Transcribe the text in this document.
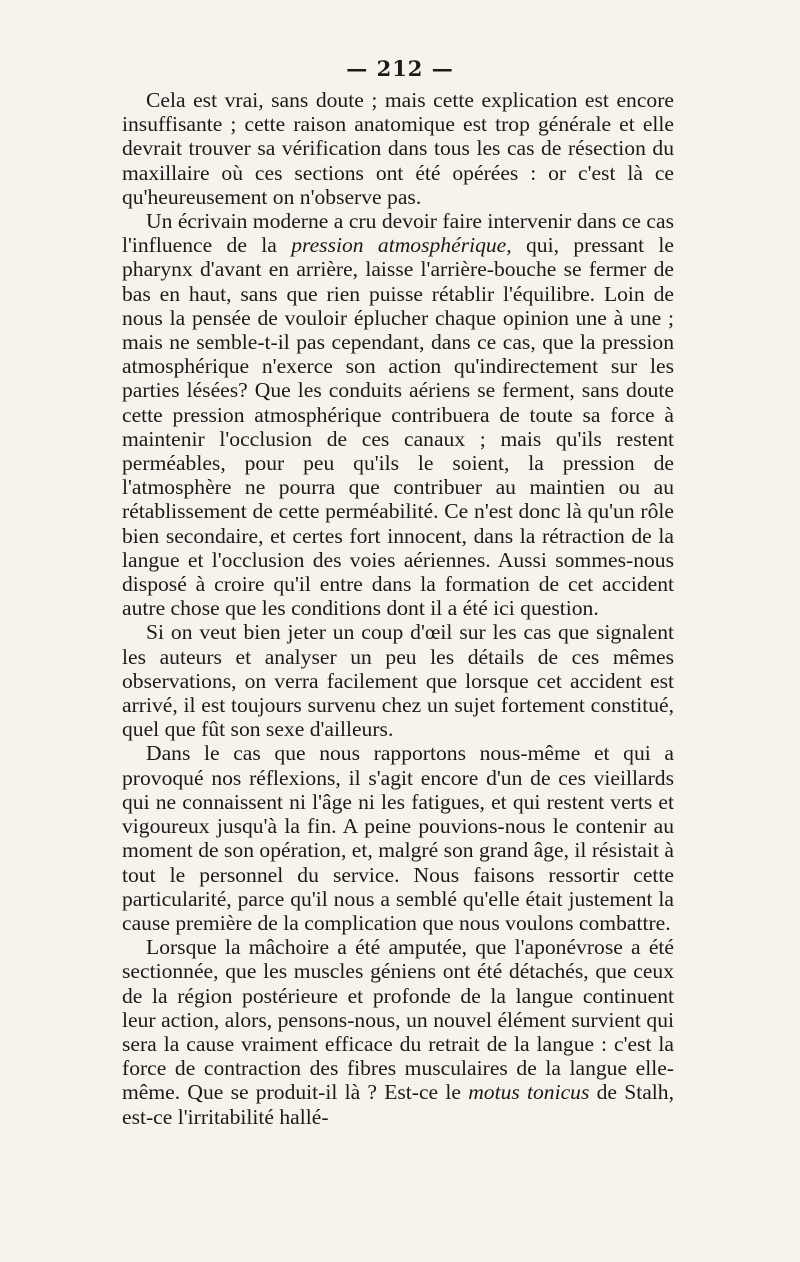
— 212 —

Cela est vrai, sans doute ; mais cette explication est encore insuffisante ; cette raison anatomique est trop générale et elle devrait trouver sa vérification dans tous les cas de résection du maxillaire où ces sections ont été opérées : or c'est là ce qu'heureusement on n'observe pas.

Un écrivain moderne a cru devoir faire intervenir dans ce cas l'influence de la pression atmosphérique, qui, pressant le pharynx d'avant en arrière, laisse l'arrière-bouche se fermer de bas en haut, sans que rien puisse rétablir l'équilibre. Loin de nous la pensée de vouloir éplucher chaque opinion une à une ; mais ne semble-t-il pas cependant, dans ce cas, que la pression atmosphérique n'exerce son action qu'indirectement sur les parties lésées? Que les conduits aériens se ferment, sans doute cette pression atmosphérique contribuera de toute sa force à maintenir l'occlusion de ces canaux ; mais qu'ils restent perméables, pour peu qu'ils le soient, la pression de l'atmosphère ne pourra que contribuer au maintien ou au rétablissement de cette perméabilité. Ce n'est donc là qu'un rôle bien secondaire, et certes fort innocent, dans la rétraction de la langue et l'occlusion des voies aériennes. Aussi sommes-nous disposé à croire qu'il entre dans la formation de cet accident autre chose que les conditions dont il a été ici question.

Si on veut bien jeter un coup d'œil sur les cas que signalent les auteurs et analyser un peu les détails de ces mêmes observations, on verra facilement que lorsque cet accident est arrivé, il est toujours survenu chez un sujet fortement constitué, quel que fût son sexe d'ailleurs.

Dans le cas que nous rapportons nous-même et qui a provoqué nos réflexions, il s'agit encore d'un de ces vieillards qui ne connaissent ni l'âge ni les fatigues, et qui restent verts et vigoureux jusqu'à la fin. A peine pouvions-nous le contenir au moment de son opération, et, malgré son grand âge, il résistait à tout le personnel du service. Nous faisons ressortir cette particularité, parce qu'il nous a semblé qu'elle était justement la cause première de la complication que nous voulons combattre.

Lorsque la mâchoire a été amputée, que l'aponévrose a été sectionnée, que les muscles géniens ont été détachés, que ceux de la région postérieure et profonde de la langue continuent leur action, alors, pensons-nous, un nouvel élément survient qui sera la cause vraiment efficace du retrait de la langue : c'est la force de contraction des fibres musculaires de la langue elle-même. Que se produit-il là ? Est-ce le motus tonicus de Stalh, est-ce l'irritabilité hallé-
